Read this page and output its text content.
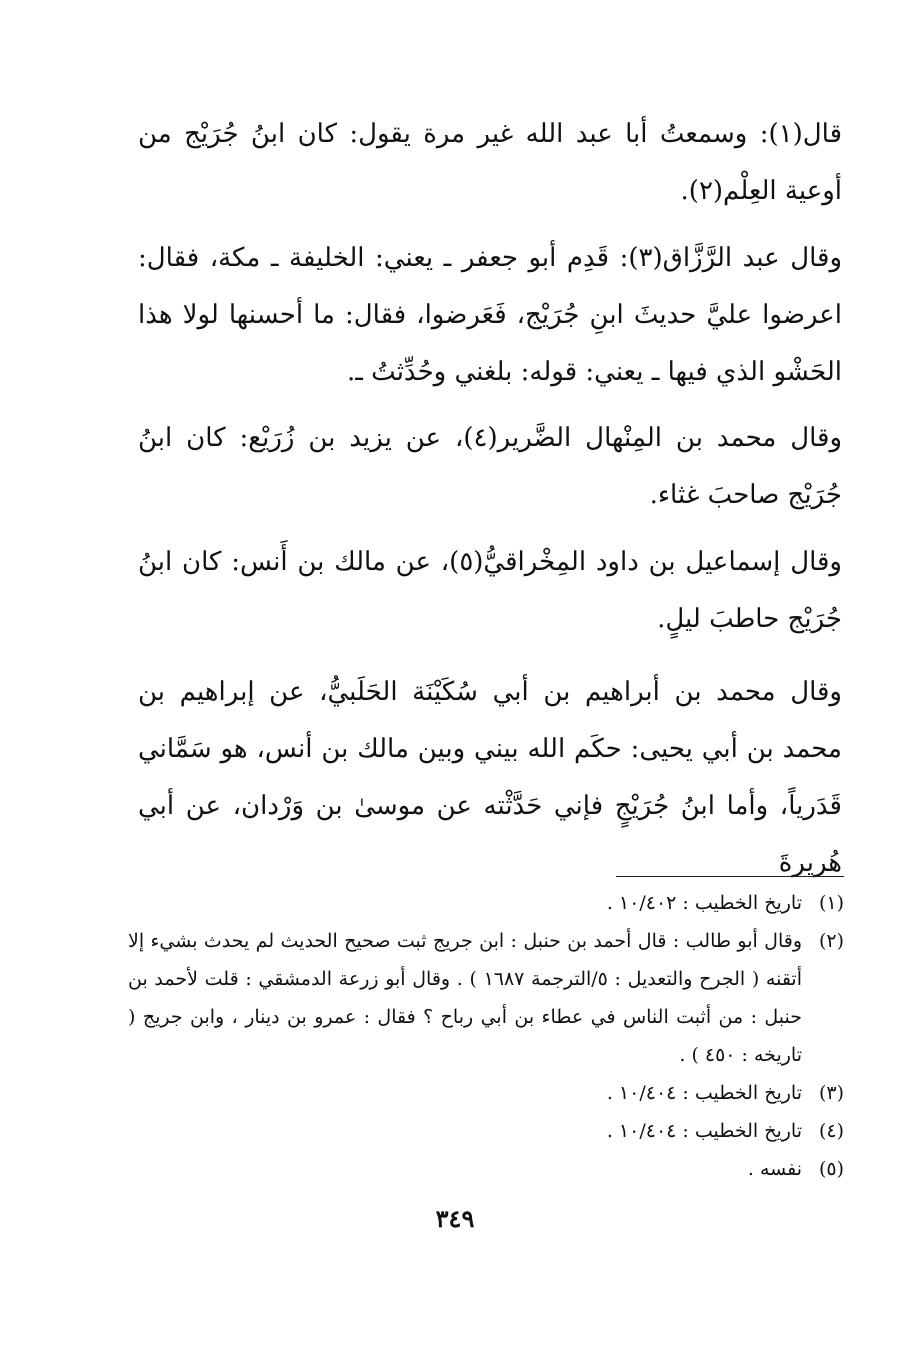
قال(١): وسمعتُ أبا عبد الله غير مرة يقول: كان ابنُ جُرَيْج من أوعية العِلْم(٢).

وقال عبد الرَّزَّاق(٣): قَدِم أبو جعفر ـ يعني: الخليفة ـ مكة، فقال: اعرضوا عليَّ حديثَ ابنِ جُرَيْج، فَعَرضوا، فقال: ما أحسنها لولا هذا الحَشْو الذي فيها ـ يعني: قوله: بلغني وحُدِّثتُ ـ.

وقال محمد بن المِنْهال الضَّرير(٤)، عن يزيد بن زُرَيْع: كان ابنُ جُرَيْج صاحبَ غثاء.

وقال إسماعيل بن داود المِخْراقيُّ(٥)، عن مالك بن أَنس: كان ابنُ جُرَيْج حاطبَ ليلٍ.

وقال محمد بن أبراهيم بن أبي سُكَيْنَة الحَلَبيُّ، عن إبراهيم بن محمد بن أبي يحيى: حكَم الله بيني وبين مالك بن أنس، هو سَمَّاني قَدَرياً، وأما ابنُ جُرَيْجٍ فإني حَدَّثْته عن موسىٰ بن وَرْدان، عن أبي هُريرةَ

(١)
تاريخ الخطيب : ١٠/٤٠٢ .
(٢)
وقال أبو طالب : قال أحمد بن حنبل : ابن جريج ثبت صحيح الحديث لم يحدث بشيء إلا أتقنه ( الجرح والتعديل : ٥/الترجمة ١٦٨٧ ) . وقال أبو زرعة الدمشقي : قلت لأحمد بن حنبل : من أثبت الناس في عطاء بن أبي رباح ؟ فقال : عمرو بن دينار ، وابن جريج ( تاريخه : ٤٥٠ ) .
(٣)
تاريخ الخطيب : ١٠/٤٠٤ .
(٤)
تاريخ الخطيب : ١٠/٤٠٤ .
(٥)
نفسه .
٣٤٩
